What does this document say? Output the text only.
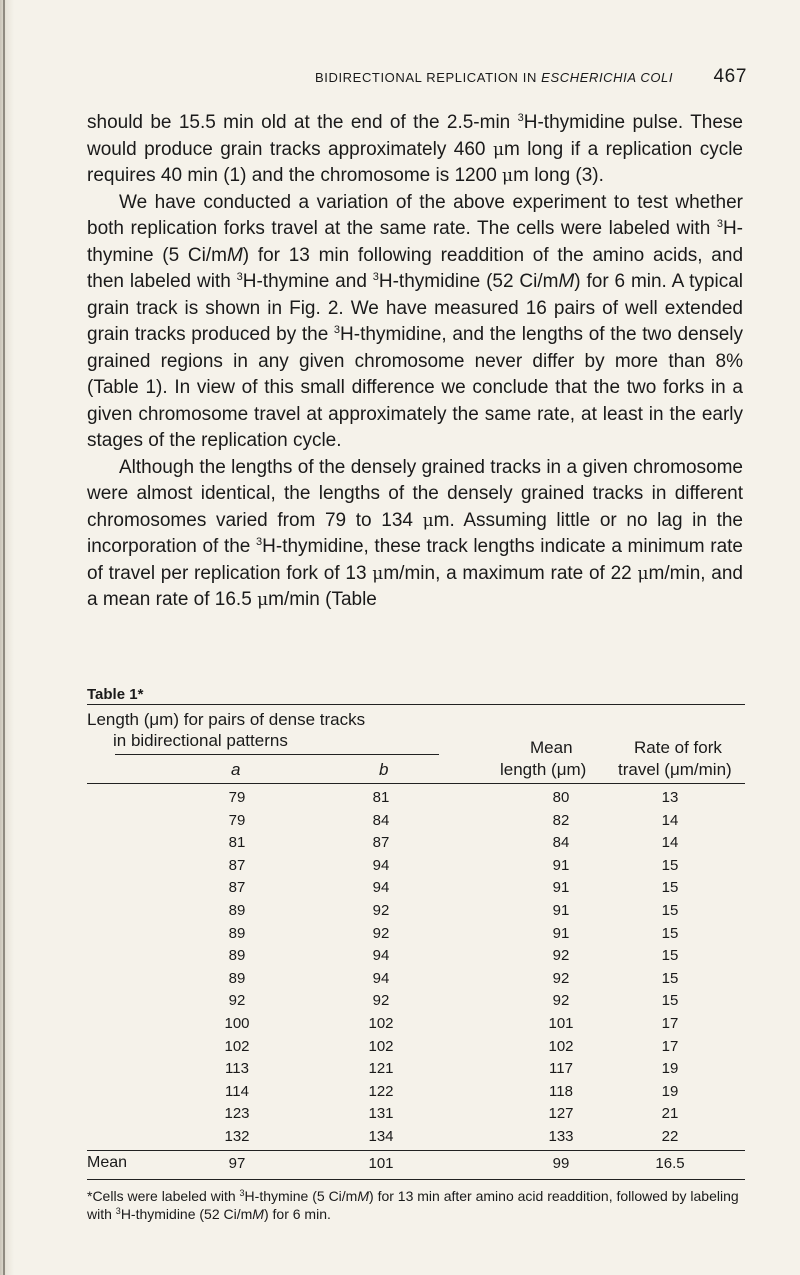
BIDIRECTIONAL REPLICATION IN ESCHERICHIA COLI 467

should be 15.5 min old at the end of the 2.5-min $^3$H-thymidine pulse. These would produce grain tracks approximately 460 μm long if a replication cycle requires 40 min (1) and the chromosome is 1200 μm long (3).

We have conducted a variation of the above experiment to test whether both replication forks travel at the same rate. The cells were labeled with $^3$H-thymine (5 Ci/mM) for 13 min following readdition of the amino acids, and then labeled with $^3$H-thymine and $^3$H-thymidine (52 Ci/mM) for 6 min. A typical grain track is shown in Fig. 2. We have measured 16 pairs of well extended grain tracks produced by the $^3$H-thymidine, and the lengths of the two densely grained regions in any given chromosome never differ by more than 8% (Table 1). In view of this small difference we conclude that the two forks in a given chromosome travel at approximately the same rate, at least in the early stages of the replication cycle.

Although the lengths of the densely grained tracks in a given chromosome were almost identical, the lengths of the densely grained tracks in different chromosomes varied from 79 to 134 μm. Assuming little or no lag in the incorporation of the $^3$H-thymidine, these track lengths indicate a minimum rate of travel per replication fork of 13 μm/min, a maximum rate of 22 μm/min, and a mean rate of 16.5 μm/min (Table

Table 1*
Length (μm) for pairs of dense tracks
in bidirectional patterns
a	b
Mean
length (μm)
Rate of fork
travel (μm/min)
79	81	80	13
79	84	82	14
81	87	84	14
87	94	91	15
87	94	91	15
89	92	91	15
89	92	91	15
89	94	92	15
89	94	92	15
92	92	92	15
100	102	101	17
102	102	102	17
113	121	117	19
114	122	118	19
123	131	127	21
132	134	133	22
Mean	97	101	99	16.5
*Cells were labeled with $^3$H-thymine (5 Ci/mM) for 13 min after amino acid readdition, followed by labeling with $^3$H-thymidine (52 Ci/mM) for 6 min.
